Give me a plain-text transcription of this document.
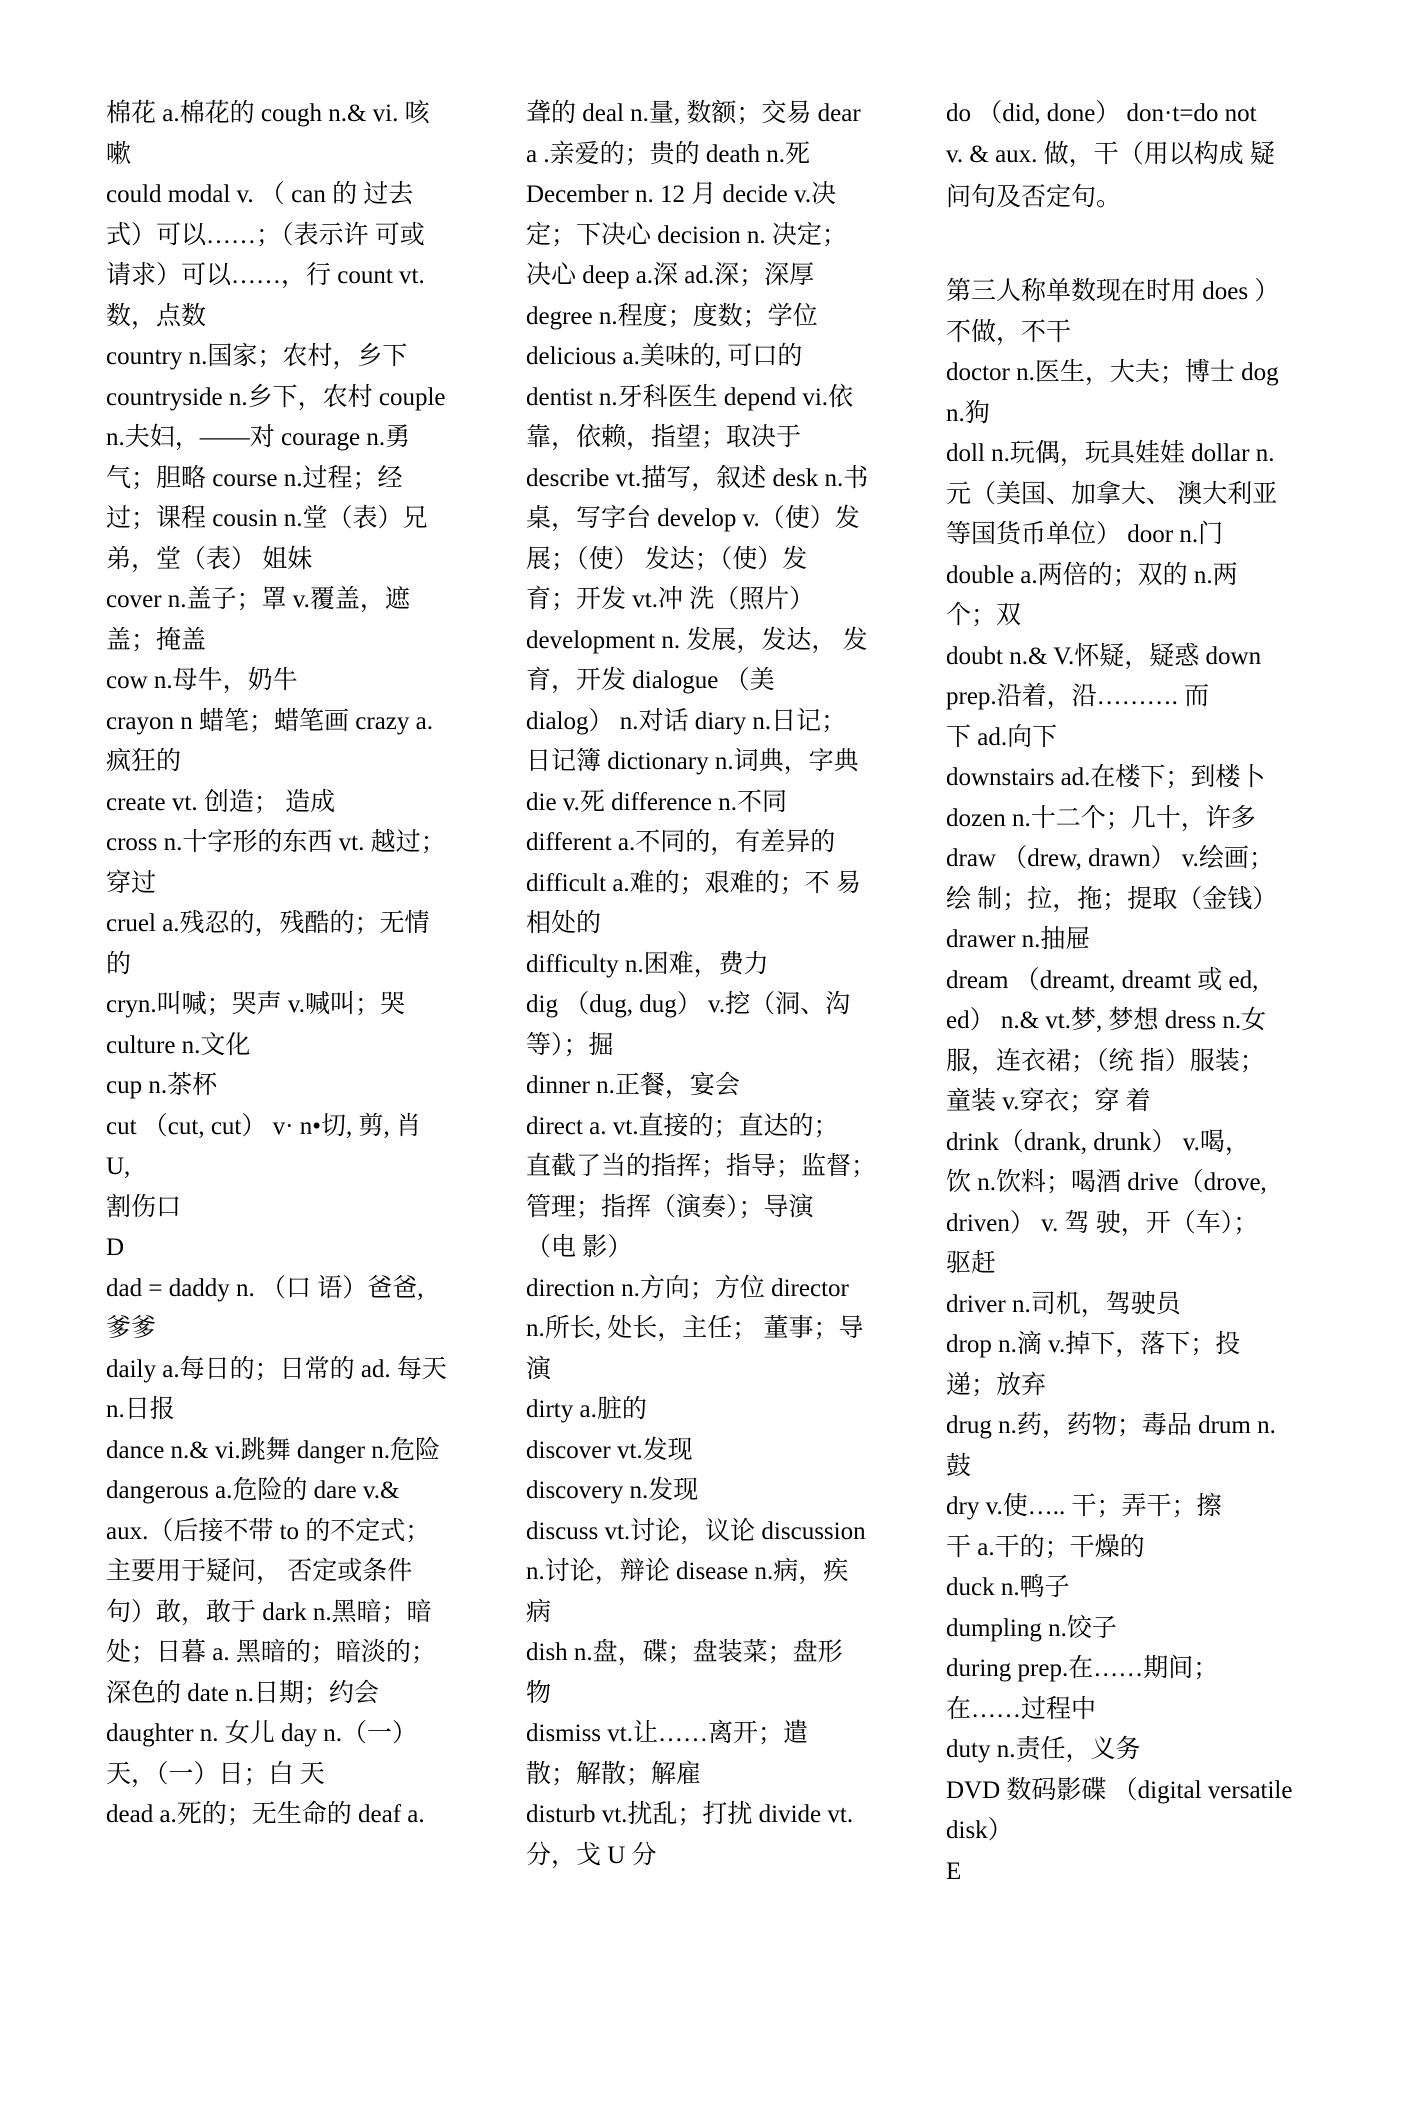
棉花 a.棉花的 cough n.& vi. 咳
嗽
could modal v. （ can 的 过去
式）可以……；（表示许 可或
请求）可以……，行 count vt.
数，点数
country n.国家；农村，乡下
countryside n.乡下，农村 couple
n.夫妇，——对 courage n.勇
气；胆略 course n.过程；经
过；课程 cousin n.堂（表）兄
弟，堂（表） 姐妹
cover n.盖子；罩 v.覆盖，遮
盖；掩盖
cow n.母牛，奶牛
crayon n 蜡笔；蜡笔画 crazy a.
疯狂的
create vt. 创造； 造成
cross n.十字形的东西 vt. 越过；
穿过
cruel a.残忍的，残酷的；无情
的
cryn.叫喊；哭声 v.喊叫；哭
culture n.文化
cup n.茶杯
cut （cut, cut） v· n•切, 剪, 肖
U,
割伤口
D
dad = daddy n. （口 语）爸爸,
爹爹
daily a.每日的；日常的 ad. 每天
n.日报
dance n.& vi.跳舞 danger n.危险
dangerous a.危险的 dare v.&
aux.（后接不带 to 的不定式；
主要用于疑问， 否定或条件
句）敢，敢于 dark n.黑暗；暗
处；日暮 a. 黑暗的；暗淡的；
深色的 date n.日期；约会
daughter n. 女儿 day n.（一）
天，（一）日；白 天
dead a.死的；无生命的 deaf a.
聋的 deal n.量, 数额；交易 dear
a .亲爱的；贵的 death n.死
December n. 12 月 decide v.决
定；下决心 decision n. 决定；
决心 deep a.深 ad.深；深厚
degree n.程度；度数；学位
delicious a.美味的, 可口的
dentist n.牙科医生 depend vi.依
靠，依赖，指望；取决于
describe vt.描写，叙述 desk n.书
桌，写字台 develop v.（使）发
展；（使） 发达；（使）发
育；开发 vt.冲 洗（照片）
development n. 发展，发达， 发
育，开发 dialogue （美
dialog） n.对话 diary n.日记；
日记簿 dictionary n.词典，字典
die v.死 difference n.不同
different a.不同的，有差异的
difficult a.难的；艰难的；不 易
相处的
difficulty n.困难，费力
dig （dug, dug） v.挖（洞、沟
等）；掘
dinner n.正餐，宴会
direct a. vt.直接的；直达的；
直截了当的指挥；指导；监督；
管理；指挥（演奏）；导演
（电 影）
direction n.方向；方位 director
n.所长, 处长，主任； 董事；导
演
dirty a.脏的
discover vt.发现
discovery n.发现
discuss vt.讨论，议论 discussion
n.讨论，辩论 disease n.病，疾
病
dish n.盘，碟；盘装菜；盘形
物
dismiss vt.让……离开；遣
散；解散；解雇
disturb vt.扰乱；打扰 divide vt.
分，戈 U 分
do （did, done） don·t=do not
v. & aux. 做，干（用以构成 疑
问句及否定句。
第三人称单数现在时用 does ）
不做，不干
doctor n.医生，大夫；博士 dog
n.狗
doll n.玩偶，玩具娃娃 dollar n.
元（美国、加拿大、 澳大利亚
等国货币单位） door n.门
double a.两倍的；双的 n.两
个；双
doubt n.& V.怀疑，疑惑 down
prep.沿着，沿………. 而
下 ad.向下
downstairs ad.在楼下；到楼卜
dozen n.十二个；几十，许多
draw （drew, drawn） v.绘画；
绘 制；拉，拖；提取（金钱）
drawer n.抽屉
dream （dreamt, dreamt 或 ed,
ed） n.& vt.梦, 梦想 dress n.女
服，连衣裙；（统 指）服装；
童装 v.穿衣；穿 着
drink（drank, drunk） v.喝，
饮 n.饮料；喝酒 drive（drove,
driven） v. 驾 驶，开（车）；
驱赶
driver n.司机，驾驶员
drop n.滴 v.掉下，落下；投
递；放弃
drug n.药，药物；毒品 drum n.
鼓
dry v.使….. 干；弄干；擦
干 a.干的；干燥的
duck n.鸭子
dumpling n.饺子
during prep.在……期间；
在……过程中
duty n.责任，义务
DVD 数码影碟 （digital versatile
disk）
E
